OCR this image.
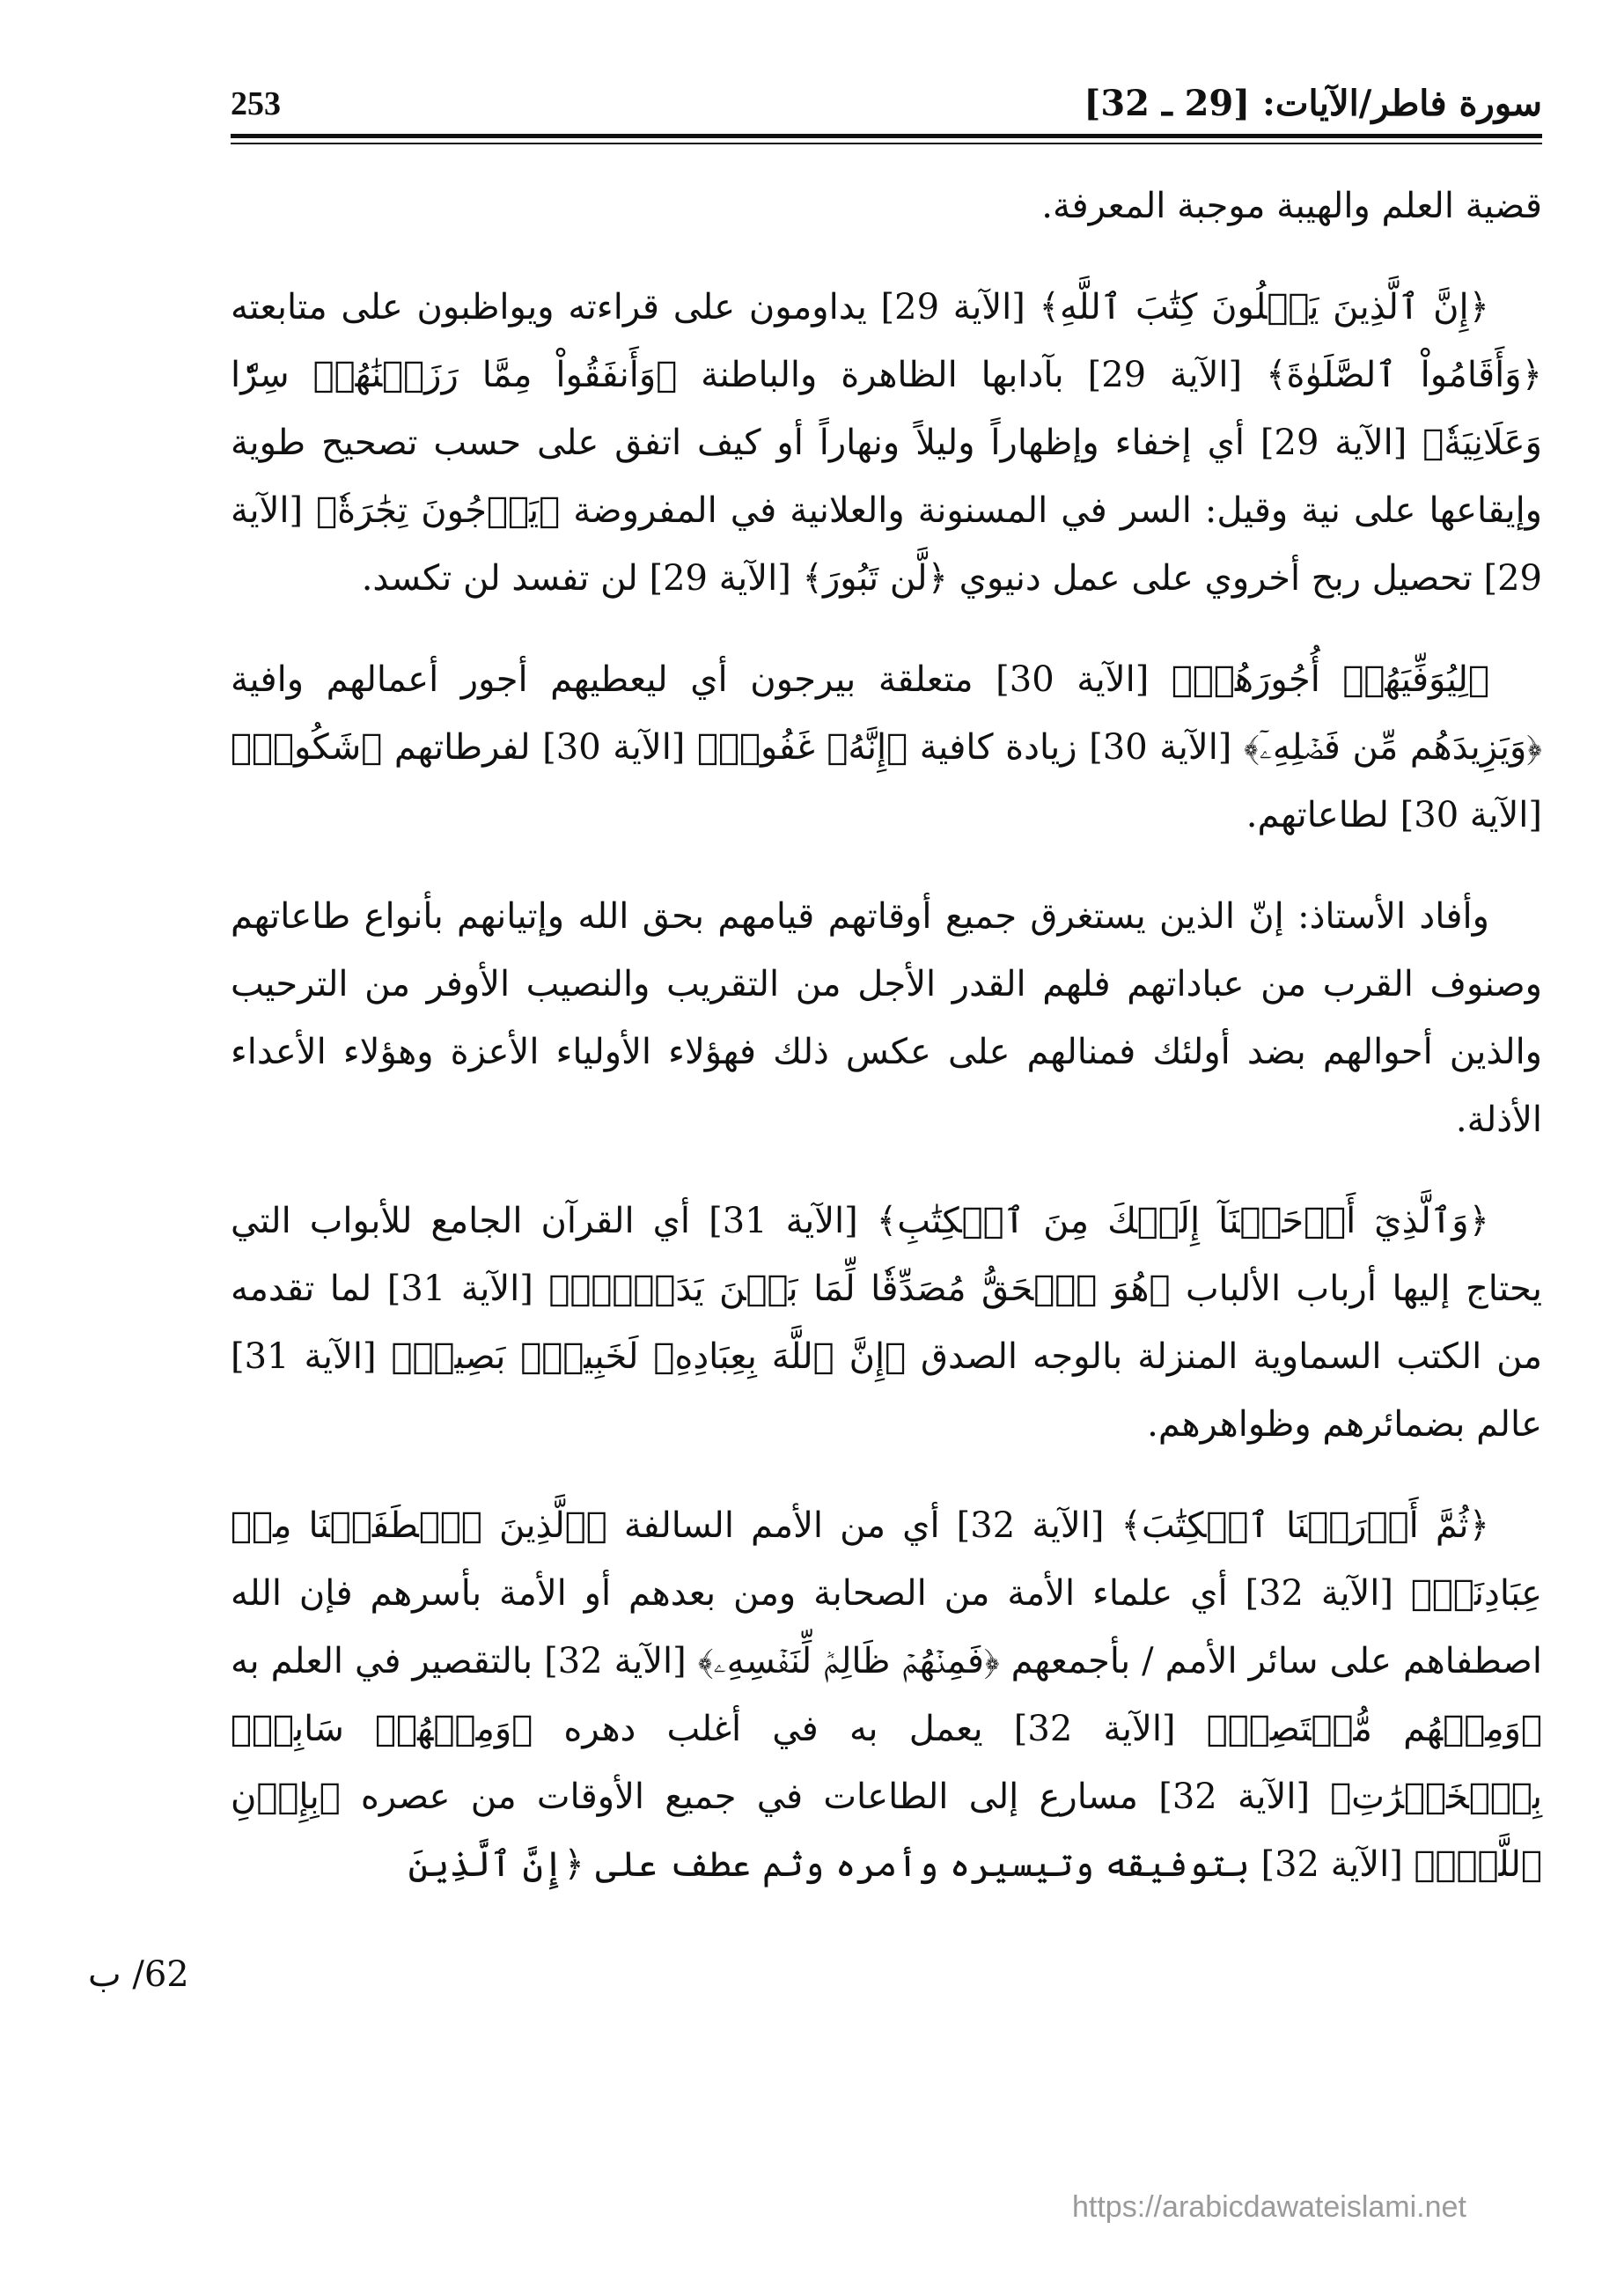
سورة فاطر/الآيات: [29 ـ 32]
253

قضية العلم والهيبة موجبة المعرفة.

﴿إِنَّ ٱلَّذِينَ يَتۡلُونَ كِتَٰبَ ٱللَّهِ﴾ [الآية 29] يداومون على قراءته ويواظبون على متابعته ﴿وَأَقَامُواْ ٱلصَّلَوٰةَ﴾ [الآية 29] بآدابها الظاهرة والباطنة ﴿وَأَنفَقُواْ مِمَّا رَزَقۡنَٰهُمۡ سِرّٗا وَعَلَانِيَةٗ﴾ [الآية 29] أي إخفاء وإظهاراً وليلاً ونهاراً أو كيف اتفق على حسب تصحيح طوية وإيقاعها على نية وقيل: السر في المسنونة والعلانية في المفروضة ﴿يَرۡجُونَ تِجَٰرَةٗ﴾ [الآية 29] تحصيل ربح أخروي على عمل دنيوي ﴿لَّن تَبُورَ﴾ [الآية 29] لن تفسد لن تكسد.

﴿لِيُوَفِّيَهُمۡ أُجُورَهُمۡ﴾ [الآية 30] متعلقة بيرجون أي ليعطيهم أجور أعمالهم وافية ﴿وَيَزِيدَهُم مِّن فَضۡلِهِۦٓ﴾ [الآية 30] زيادة كافية ﴿إِنَّهُۥ غَفُورٞ﴾ [الآية 30] لفرطاتهم ﴿شَكُورٞ﴾ [الآية 30] لطاعاتهم.

وأفاد الأستاذ: إنّ الذين يستغرق جميع أوقاتهم قيامهم بحق الله وإتيانهم بأنواع طاعاتهم وصنوف القرب من عباداتهم فلهم القدر الأجل من التقريب والنصيب الأوفر من الترحيب والذين أحوالهم بضد أولئك فمنالهم على عكس ذلك فهؤلاء الأولياء الأعزة وهؤلاء الأعداء الأذلة.

﴿وَٱلَّذِيٓ أَوۡحَيۡنَآ إِلَيۡكَ مِنَ ٱلۡكِتَٰبِ﴾ [الآية 31] أي القرآن الجامع للأبواب التي يحتاج إليها أرباب الألباب ﴿هُوَ ٱلۡحَقُّ مُصَدِّقٗا لِّمَا بَيۡنَ يَدَيۡهِۗ﴾ [الآية 31] لما تقدمه من الكتب السماوية المنزلة بالوجه الصدق ﴿إِنَّ ٱللَّهَ بِعِبَادِهِۦ لَخَبِيرُۢ بَصِيرٞ﴾ [الآية 31] عالم بضمائرهم وظواهرهم.

﴿ثُمَّ أَوۡرَثۡنَا ٱلۡكِتَٰبَ﴾ [الآية 32] أي من الأمم السالفة ﴿ٱلَّذِينَ ٱصۡطَفَيۡنَا مِنۡ عِبَادِنَاۖ﴾ [الآية 32] أي علماء الأمة من الصحابة ومن بعدهم أو الأمة بأسرهم فإن الله اصطفاهم على سائر الأمم / بأجمعهم ﴿فَمِنۡهُمۡ ظَالِمٞ لِّنَفۡسِهِۦ﴾ [الآية 32] بالتقصير في العلم به ﴿وَمِنۡهُم مُّقۡتَصِدٞ﴾ [الآية 32] يعمل به في أغلب دهره ﴿وَمِنۡهُمۡ سَابِقُۢ بِٱلۡخَيۡرَٰتِ﴾ [الآية 32] مسارع إلى الطاعات في جميع الأوقات من عصره ﴿بِإِذۡنِ ٱللَّهِۚ﴾ [الآية 32] بتوفيقه وتيسيره وأمره وثم عطف على ﴿إِنَّ ٱلَّذِينَ

62/ ب
https://arabicdawateislami.net
